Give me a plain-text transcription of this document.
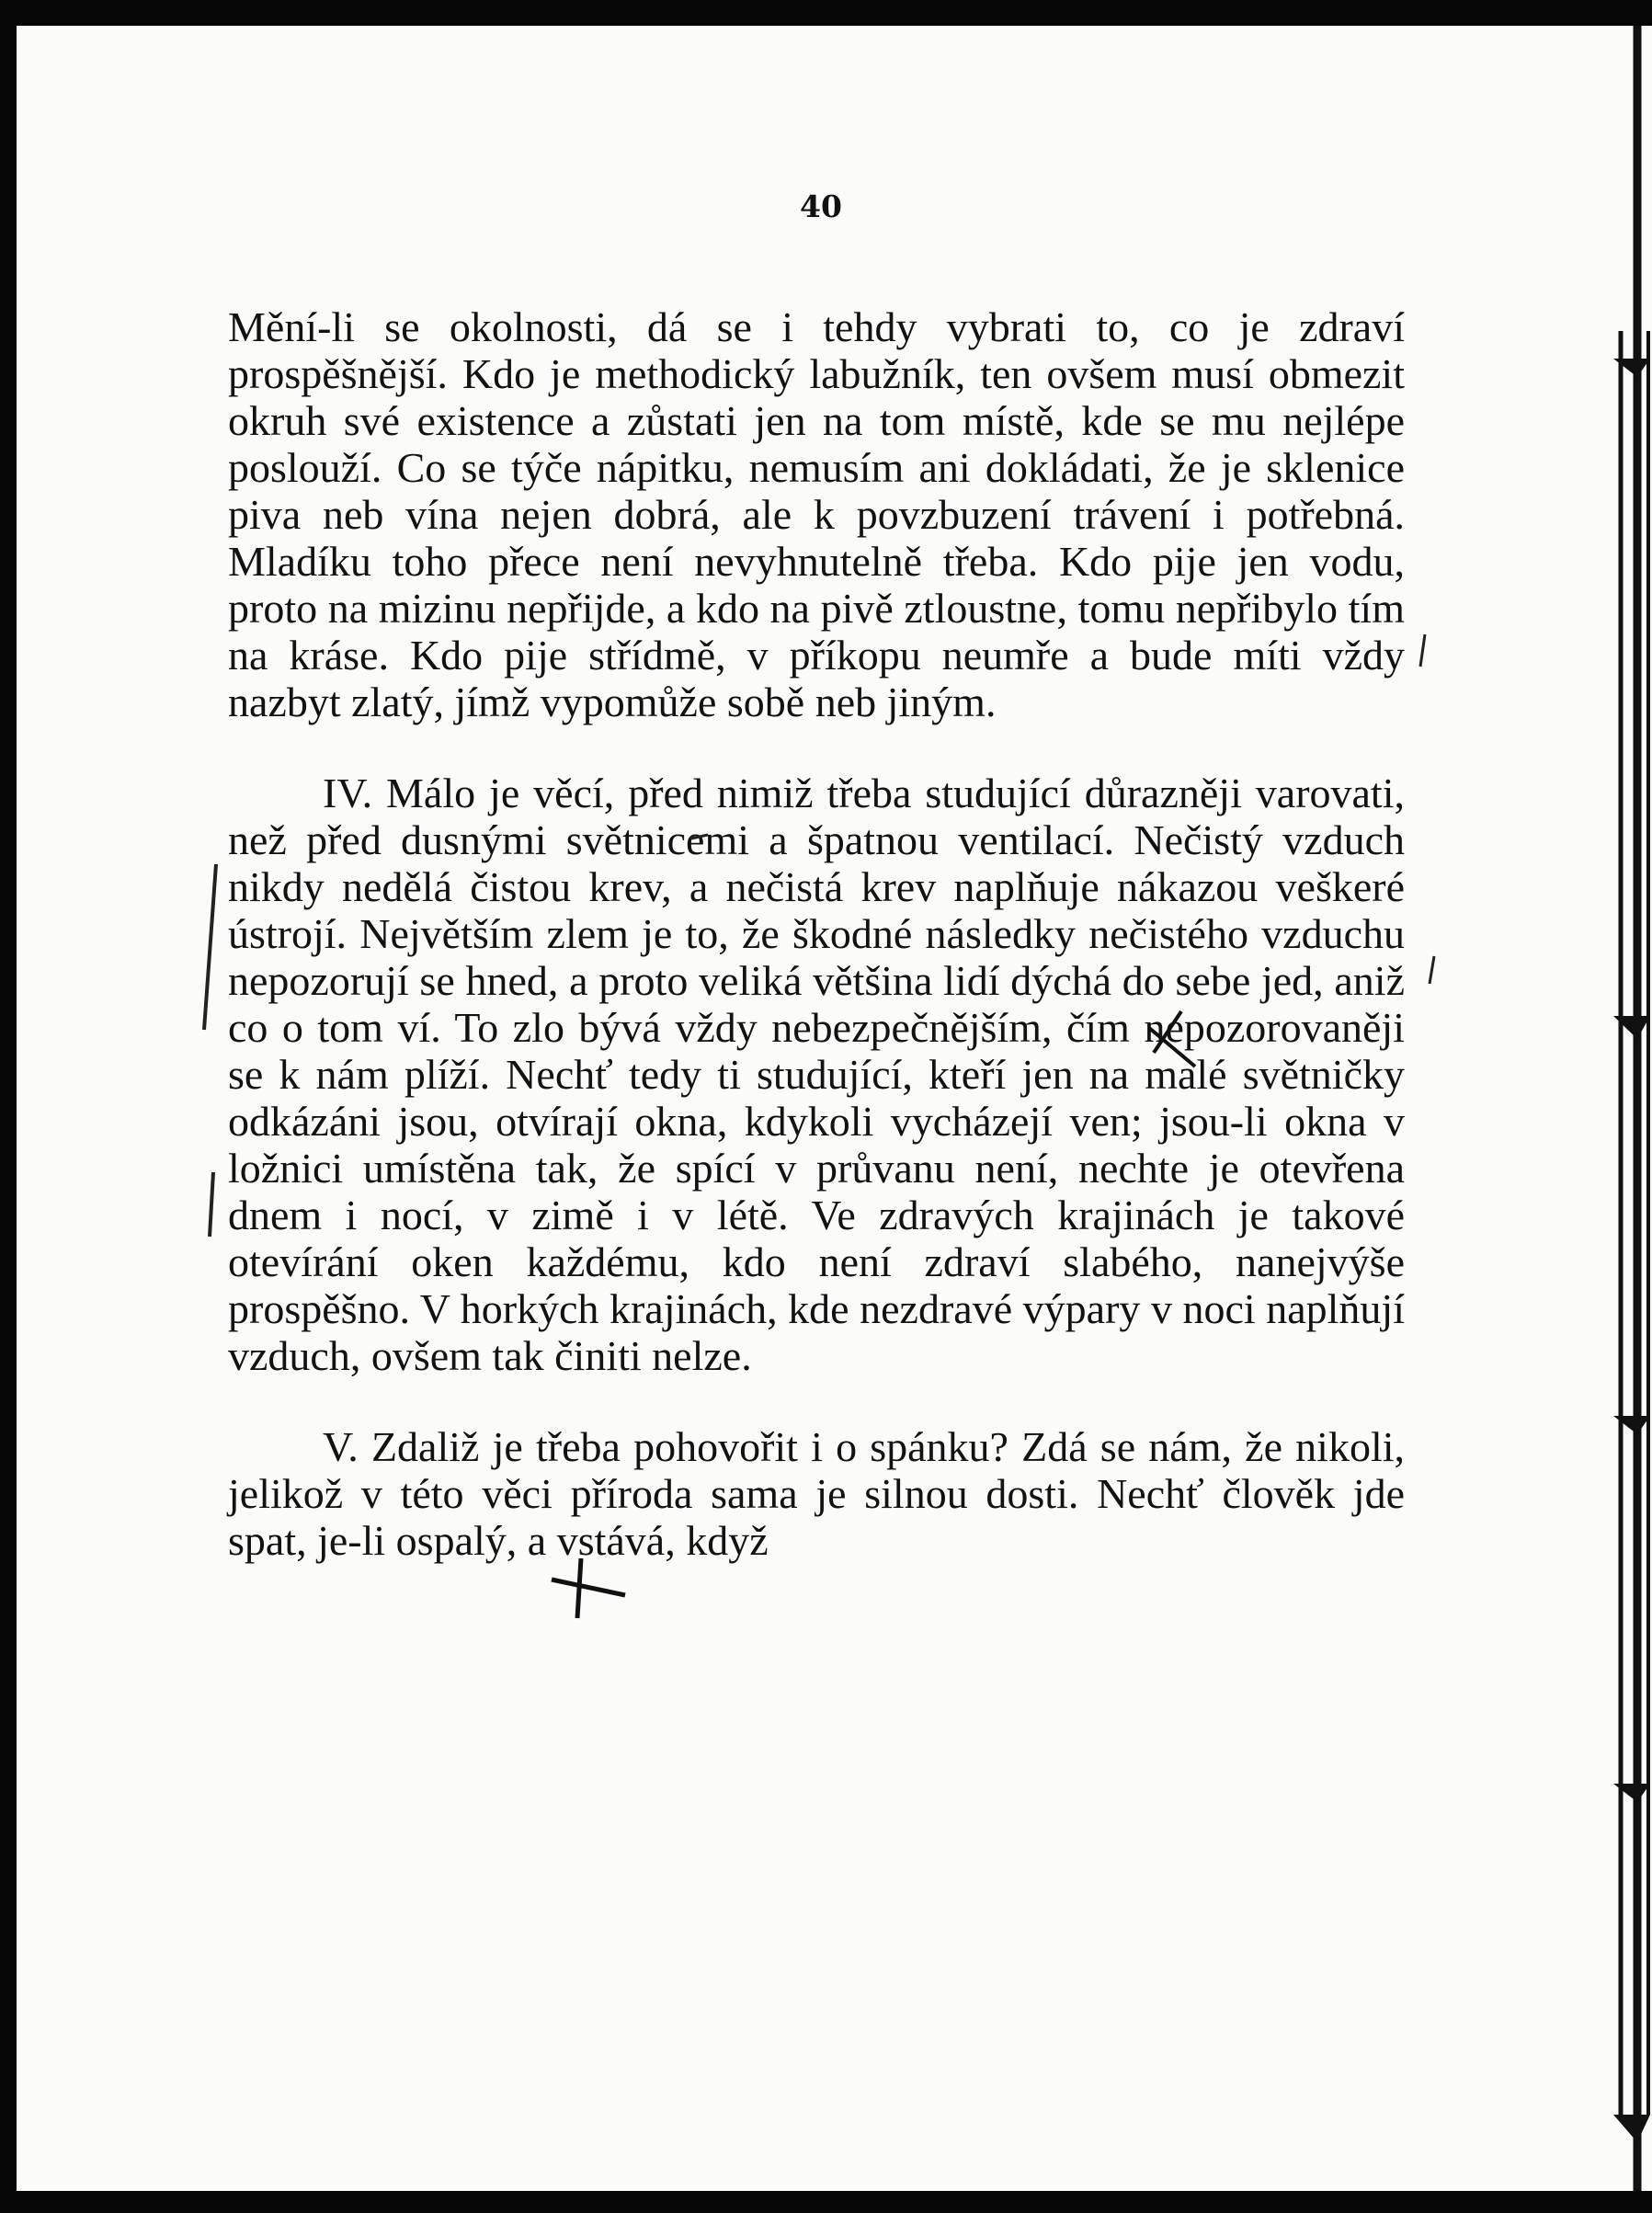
40

Mění-li se okolnosti, dá se i tehdy vybrati to, co je zdraví prospěšnější. Kdo je methodický labužník, ten ovšem musí obmezit okruh své existence a zůstati jen na tom místě, kde se mu nejlépe poslouží. Co se týče nápitku, nemusím ani dokládati, že je sklenice piva neb vína nejen dobrá, ale k povzbuzení trávení i potřebná. Mladíku toho přece není nevyhnutelně třeba. Kdo pije jen vodu, proto na mizinu nepřijde, a kdo na pivě ztloustne, tomu nepřibylo tím na kráse. Kdo pije střídmě, v příkopu neumře a bude míti vždy nazbyt zlatý, jímž vypomůže sobě neb jiným.

IV. Málo je věcí, před nimiž třeba studující důrazněji varovati, než před dusnými světnicemi a špatnou ventilací. Nečistý vzduch nikdy nedělá čistou krev, a nečistá krev naplňuje nákazou veškeré ústrojí. Největším zlem je to, že škodné následky nečistého vzduchu nepozorují se hned, a proto veliká většina lidí dýchá do sebe jed, aniž co o tom ví. To zlo bývá vždy nebezpečnějším, čím nepozorovaněji se k nám plíží. Nechť tedy ti studující, kteří jen na malé světničky odkázáni jsou, otvírají okna, kdykoli vycházejí ven; jsou-li okna v ložnici umístěna tak, že spící v průvanu není, nechte je otevřena dnem i nocí, v zimě i v létě. Ve zdravých krajinách je takové otevírání oken každému, kdo není zdraví slabého, nanejvýše prospěšno. V horkých krajinách, kde nezdravé výpary v noci naplňují vzduch, ovšem tak činiti nelze.

V. Zdaliž je třeba pohovořit i o spánku? Zdá se nám, že nikoli, jelikož v této věci příroda sama je silnou dosti. Nechť člověk jde spat, je-li ospalý, a vstává, když
